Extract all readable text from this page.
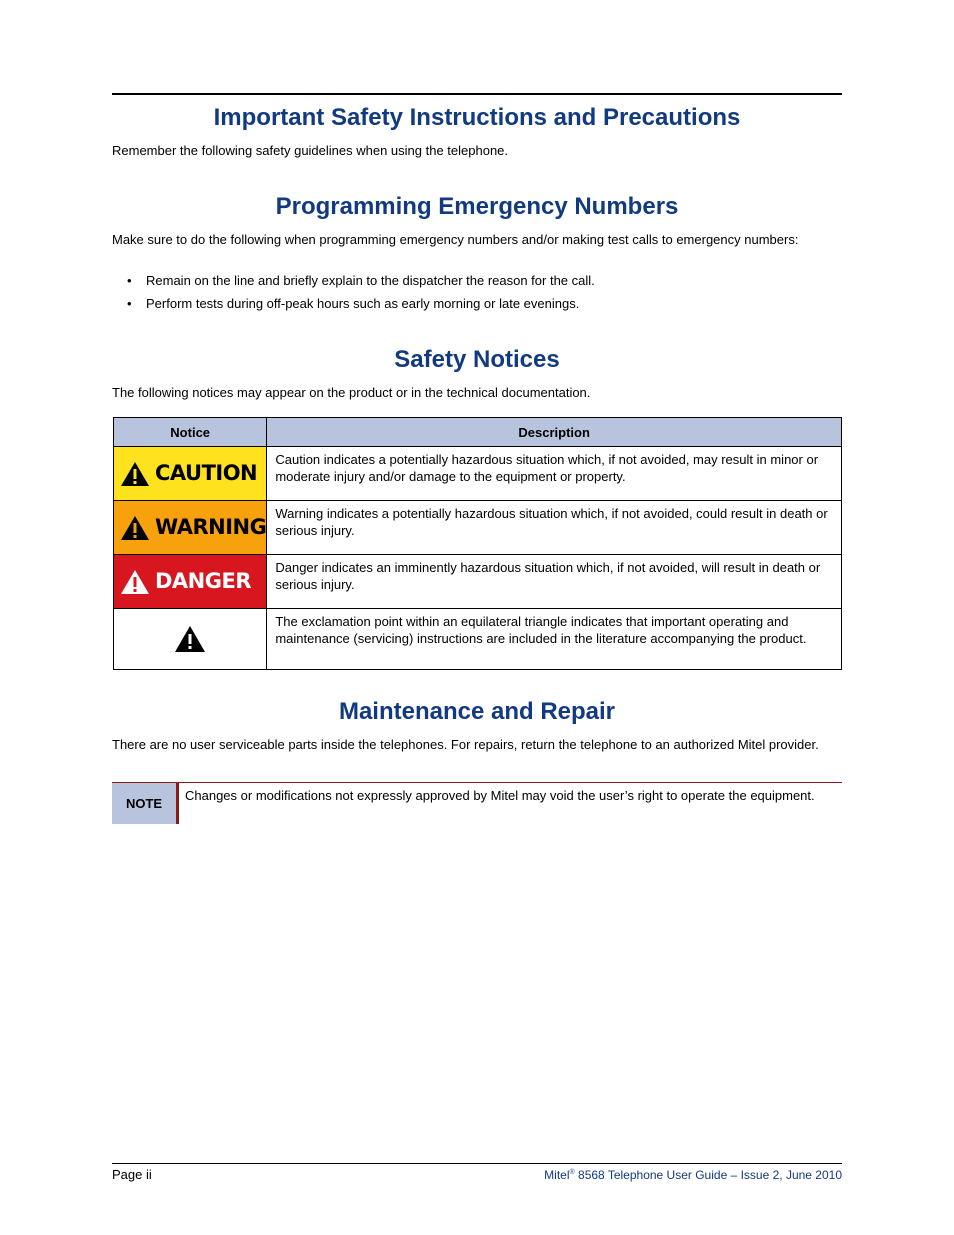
Important Safety Instructions and Precautions

Remember the following safety guidelines when using the telephone.

Programming Emergency Numbers

Make sure to do the following when programming emergency numbers and/or making test calls to emergency numbers:

• Remain on the line and briefly explain to the dispatcher the reason for the call.
• Perform tests during off-peak hours such as early morning or late evenings.
Safety Notices

The following notices may appear on the product or in the technical documentation.

Notice	Description

CAUTION	Caution indicates a potentially hazardous situation which, if not avoided, may result in minor or moderate injury and/or damage to the equipment or property.

WARNING	Warning indicates a potentially hazardous situation which, if not avoided, could result in death or serious injury.

DANGER	Danger indicates an imminently hazardous situation which, if not avoided, will result in death or serious injury.

	The exclamation point within an equilateral triangle indicates that important operating and maintenance (servicing) instructions are included in the literature accompanying the product.
Maintenance and Repair

There are no user serviceable parts inside the telephones. For repairs, return the telephone to an authorized Mitel provider.

NOTE
Changes or modifications not expressly approved by Mitel may void the user’s right to operate the equipment.
Page ii	Mitel® 8568 Telephone User Guide – Issue 2, June 2010
